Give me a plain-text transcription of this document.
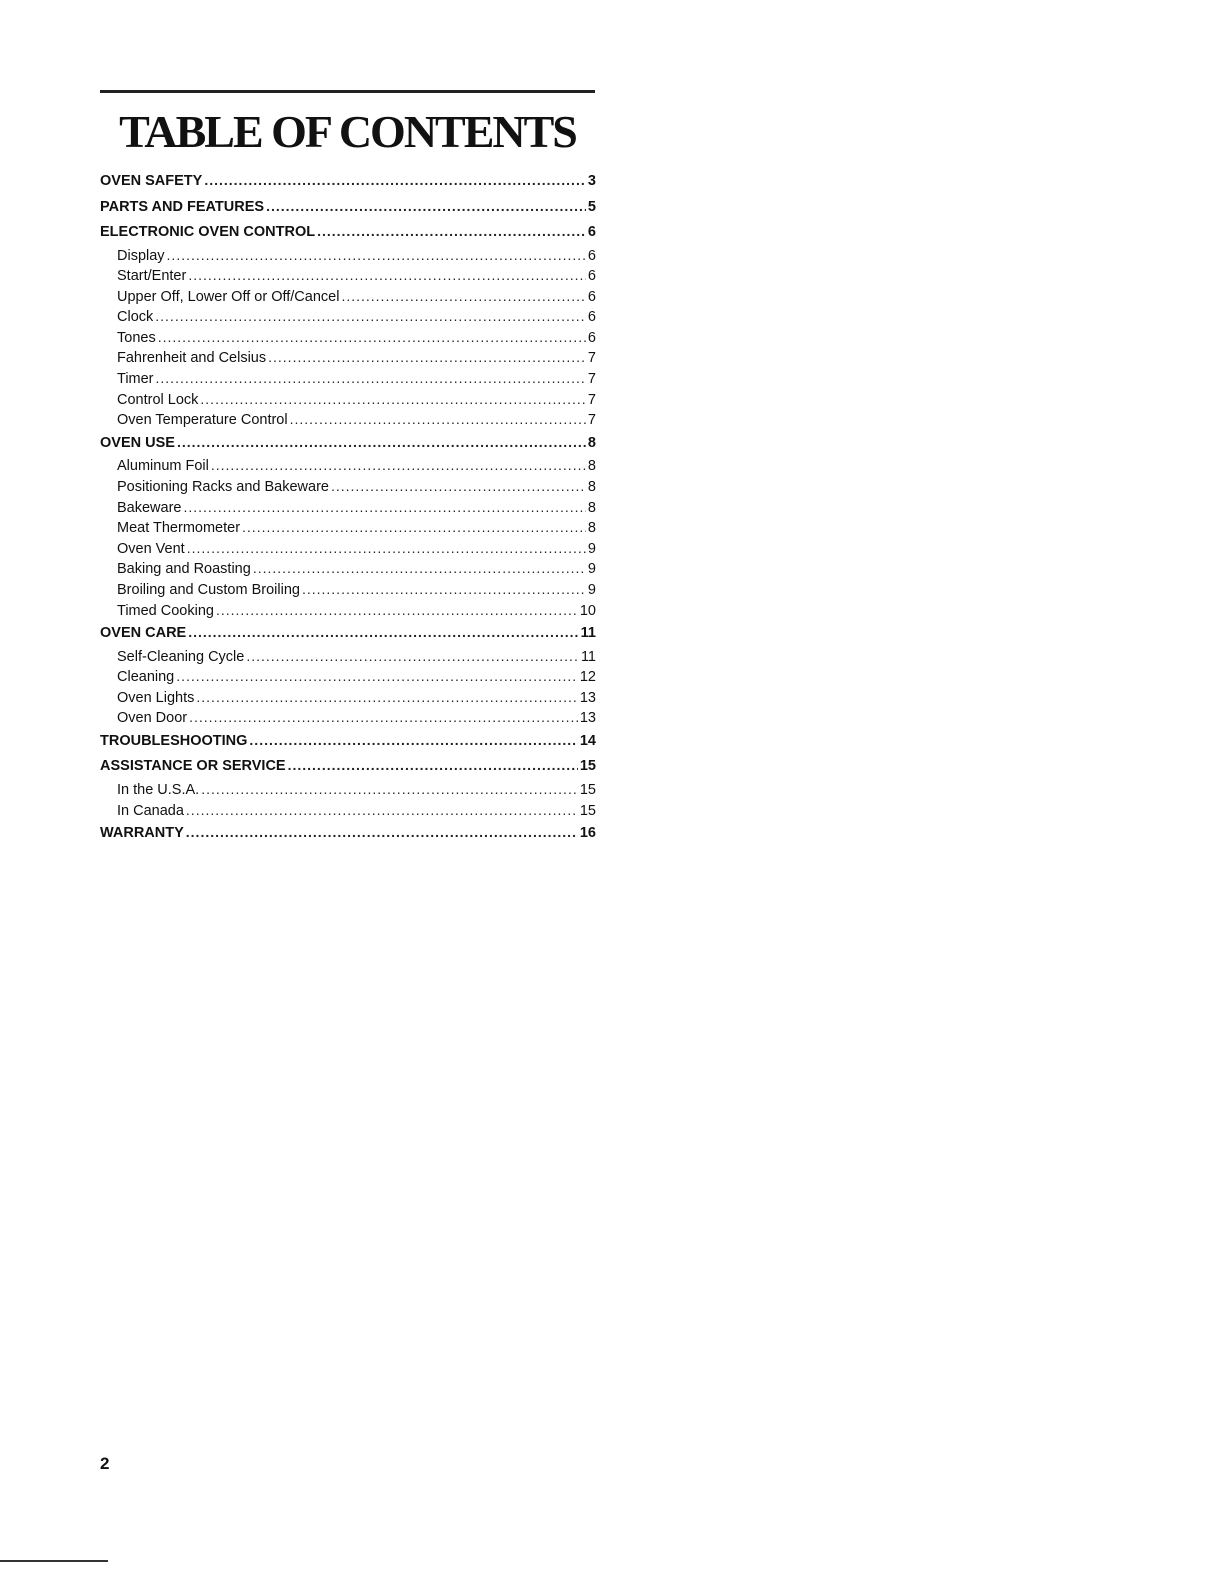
TABLE OF CONTENTS
OVEN SAFETY .....	3
PARTS AND FEATURES .....	5
ELECTRONIC OVEN CONTROL .....	6
Display .....	6
Start/Enter .....	6
Upper Off, Lower Off or Off/Cancel .....	6
Clock .....	6
Tones .....	6
Fahrenheit and Celsius .....	7
Timer .....	7
Control Lock .....	7
Oven Temperature Control .....	7
OVEN USE .....	8
Aluminum Foil .....	8
Positioning Racks and Bakeware .....	8
Bakeware .....	8
Meat Thermometer .....	8
Oven Vent .....	9
Baking and Roasting .....	9
Broiling and Custom Broiling .....	9
Timed Cooking .....	10
OVEN CARE .....	11
Self-Cleaning Cycle .....	11
Cleaning .....	12
Oven Lights .....	13
Oven Door .....	13
TROUBLESHOOTING .....	14
ASSISTANCE OR SERVICE .....	15
In the U.S.A. .....	15
In Canada .....	15
WARRANTY .....	16
2
